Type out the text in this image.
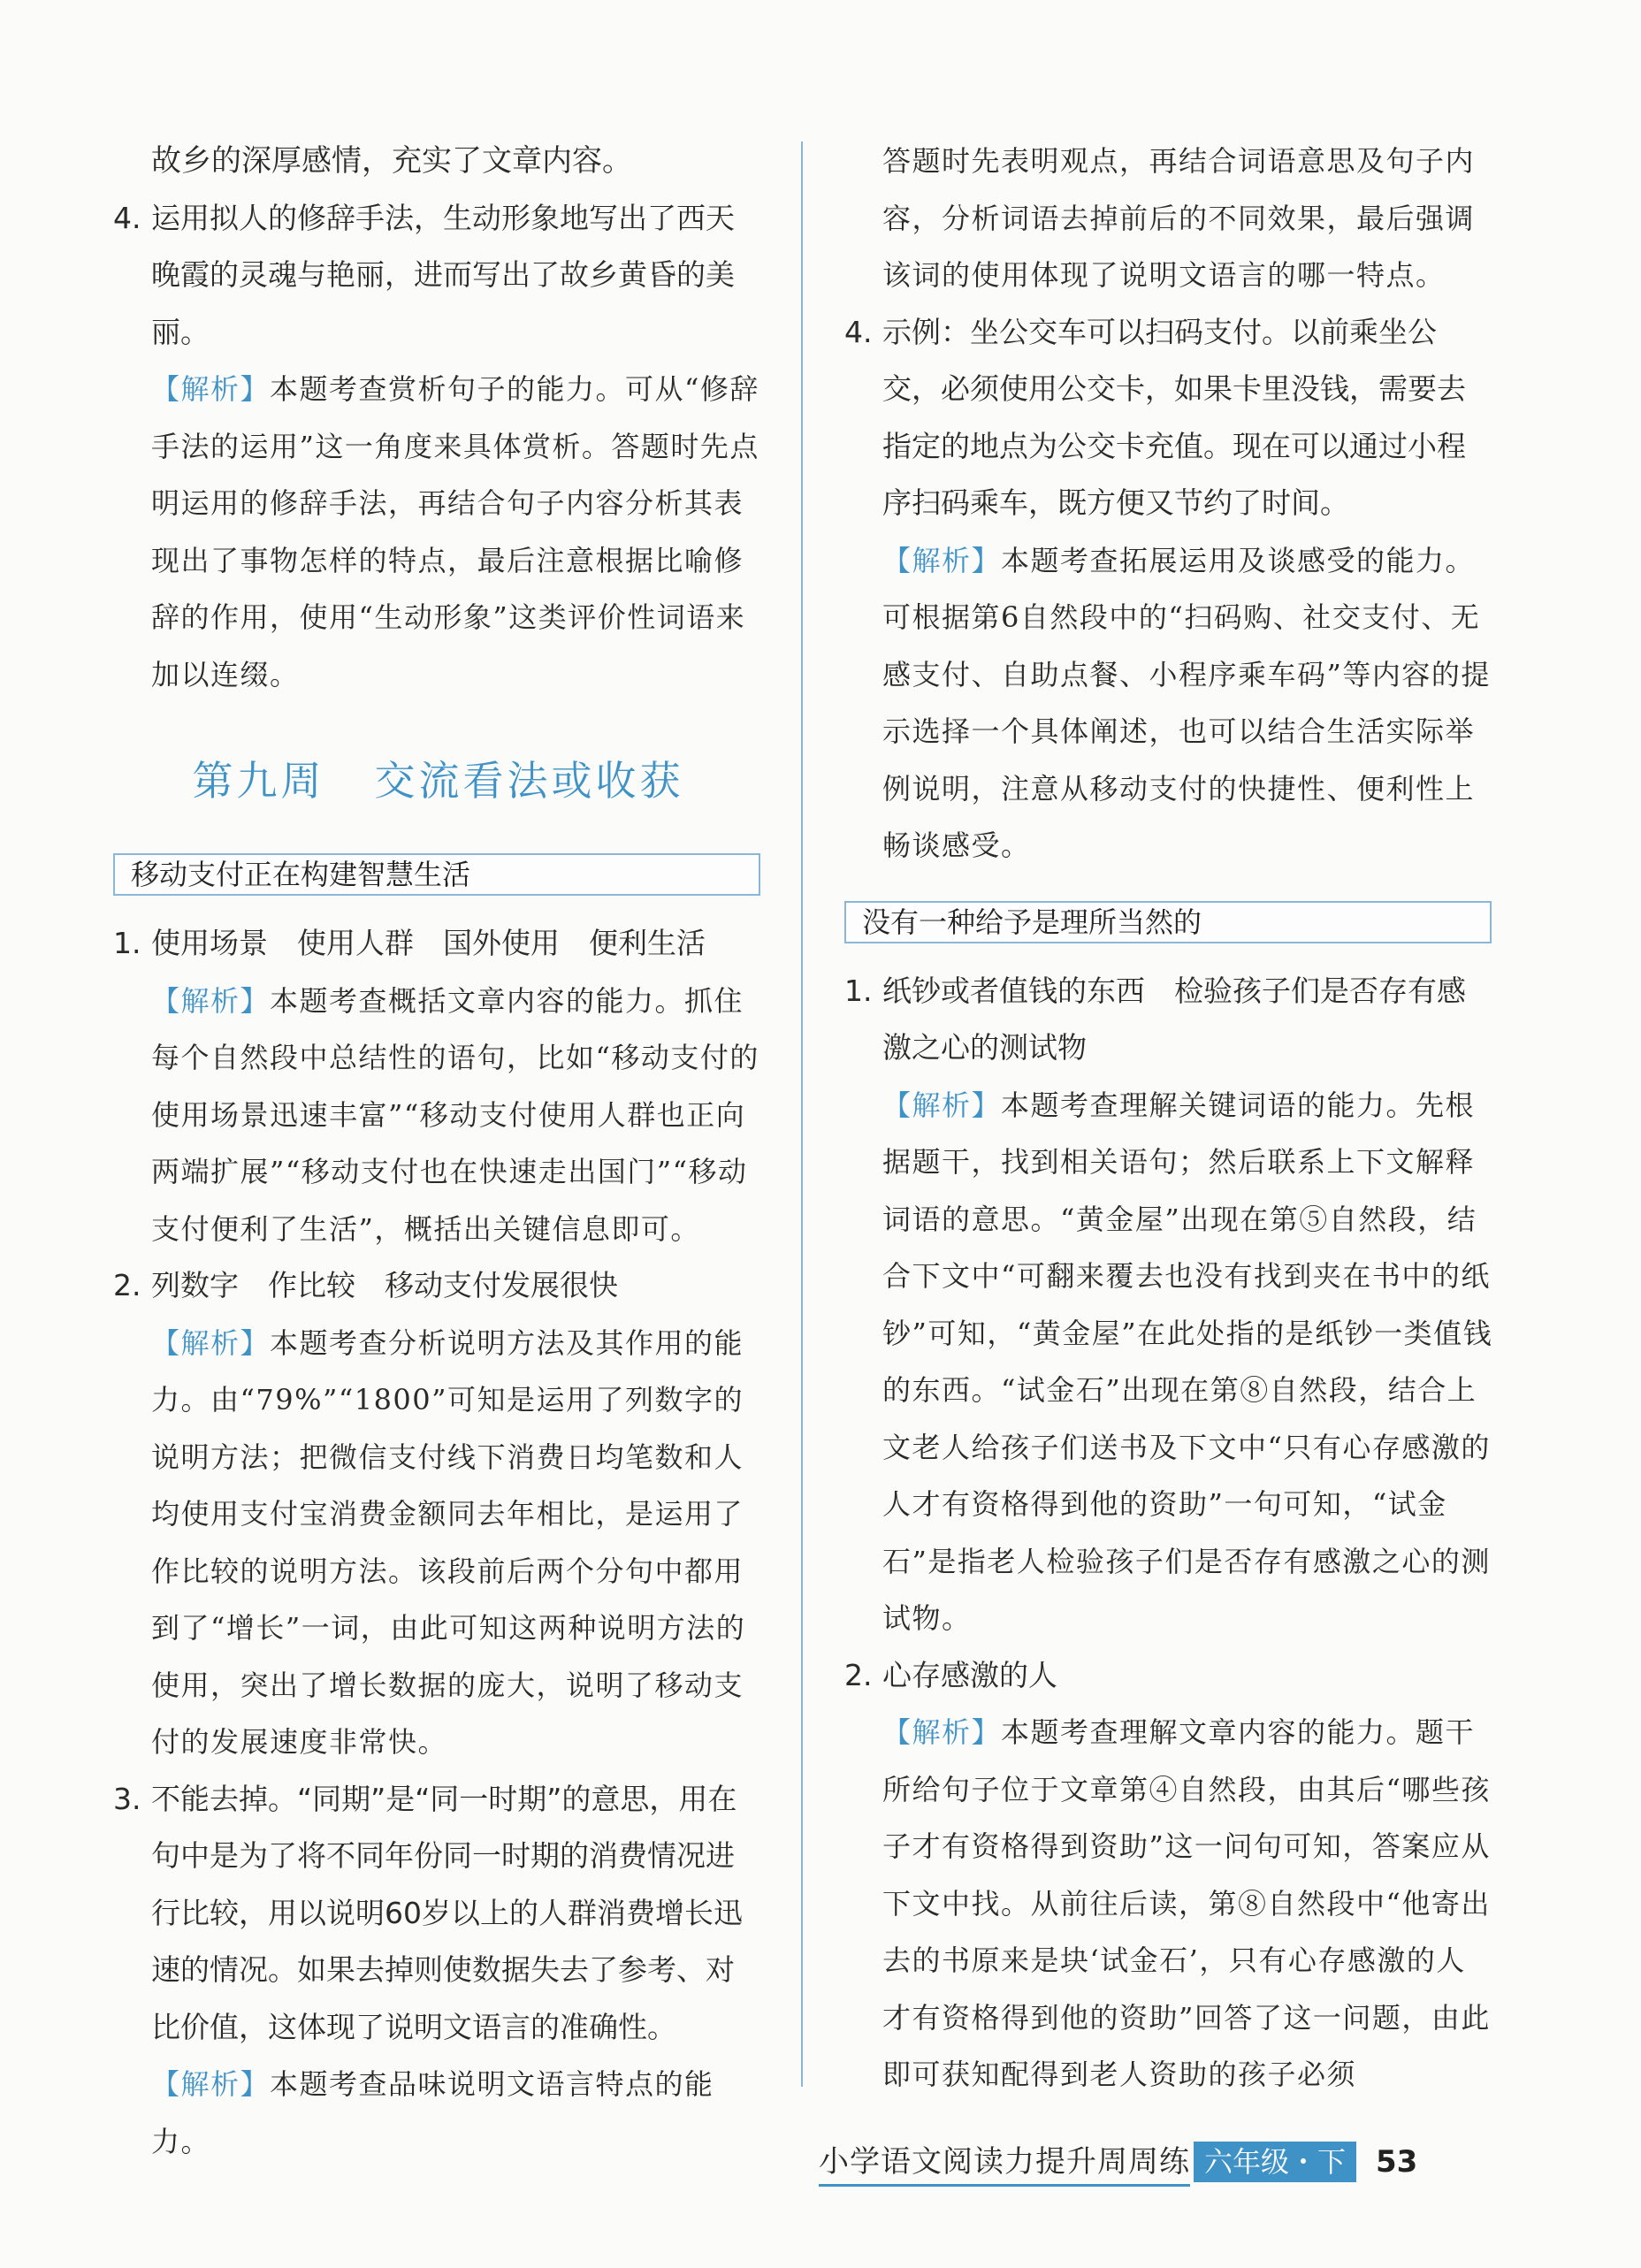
故乡的深厚感情，充实了文章内容。

4. 运用拟人的修辞手法，生动形象地写出了西天晚霞的灵魂与艳丽，进而写出了故乡黄昏的美丽。

【解析】本题考查赏析句子的能力。可从“修辞手法的运用”这一角度来具体赏析。答题时先点明运用的修辞手法，再结合句子内容分析其表现出了事物怎样的特点，最后注意根据比喻修辞的作用，使用“生动形象”这类评价性词语来加以连缀。

第九周 交流看法或收获
移动支付正在构建智慧生活
1. 使用场景　使用人群　国外使用　便利生活

【解析】本题考查概括文章内容的能力。抓住每个自然段中总结性的语句，比如“移动支付的使用场景迅速丰富”“移动支付使用人群也正向两端扩展”“移动支付也在快速走出国门”“移动支付便利了生活”，概括出关键信息即可。

2. 列数字　作比较　移动支付发展很快

【解析】本题考查分析说明方法及其作用的能力。由“79%”“1800”可知是运用了列数字的说明方法；把微信支付线下消费日均笔数和人均使用支付宝消费金额同去年相比，是运用了作比较的说明方法。该段前后两个分句中都用到了“增长”一词，由此可知这两种说明方法的使用，突出了增长数据的庞大，说明了移动支付的发展速度非常快。

3. 不能去掉。“同期”是“同一时期”的意思，用在句中是为了将不同年份同一时期的消费情况进行比较，用以说明60岁以上的人群消费增长迅速的情况。如果去掉则使数据失去了参考、对比价值，这体现了说明文语言的准确性。

【解析】本题考查品味说明文语言特点的能力。

答题时先表明观点，再结合词语意思及句子内容，分析词语去掉前后的不同效果，最后强调该词的使用体现了说明文语言的哪一特点。

4. 示例：坐公交车可以扫码支付。以前乘坐公交，必须使用公交卡，如果卡里没钱，需要去指定的地点为公交卡充值。现在可以通过小程序扫码乘车，既方便又节约了时间。

【解析】本题考查拓展运用及谈感受的能力。可根据第6自然段中的“扫码购、社交支付、无感支付、自助点餐、小程序乘车码”等内容的提示选择一个具体阐述，也可以结合生活实际举例说明，注意从移动支付的快捷性、便利性上畅谈感受。

没有一种给予是理所当然的
1. 纸钞或者值钱的东西　检验孩子们是否存有感激之心的测试物

【解析】本题考查理解关键词语的能力。先根据题干，找到相关语句；然后联系上下文解释词语的意思。“黄金屋”出现在第⑤自然段，结合下文中“可翻来覆去也没有找到夹在书中的纸钞”可知，“黄金屋”在此处指的是纸钞一类值钱的东西。“试金石”出现在第⑧自然段，结合上文老人给孩子们送书及下文中“只有心存感激的人才有资格得到他的资助”一句可知，“试金石”是指老人检验孩子们是否存有感激之心的测试物。

2. 心存感激的人

【解析】本题考查理解文章内容的能力。题干所给句子位于文章第④自然段，由其后“哪些孩子才有资格得到资助”这一问句可知，答案应从下文中找。从前往后读，第⑧自然段中“他寄出去的书原来是块‘试金石’，只有心存感激的人才有资格得到他的资助”回答了这一问题，由此即可获知配得到老人资助的孩子必须

小学语文阅读力提升周周练 六年级・下	53
